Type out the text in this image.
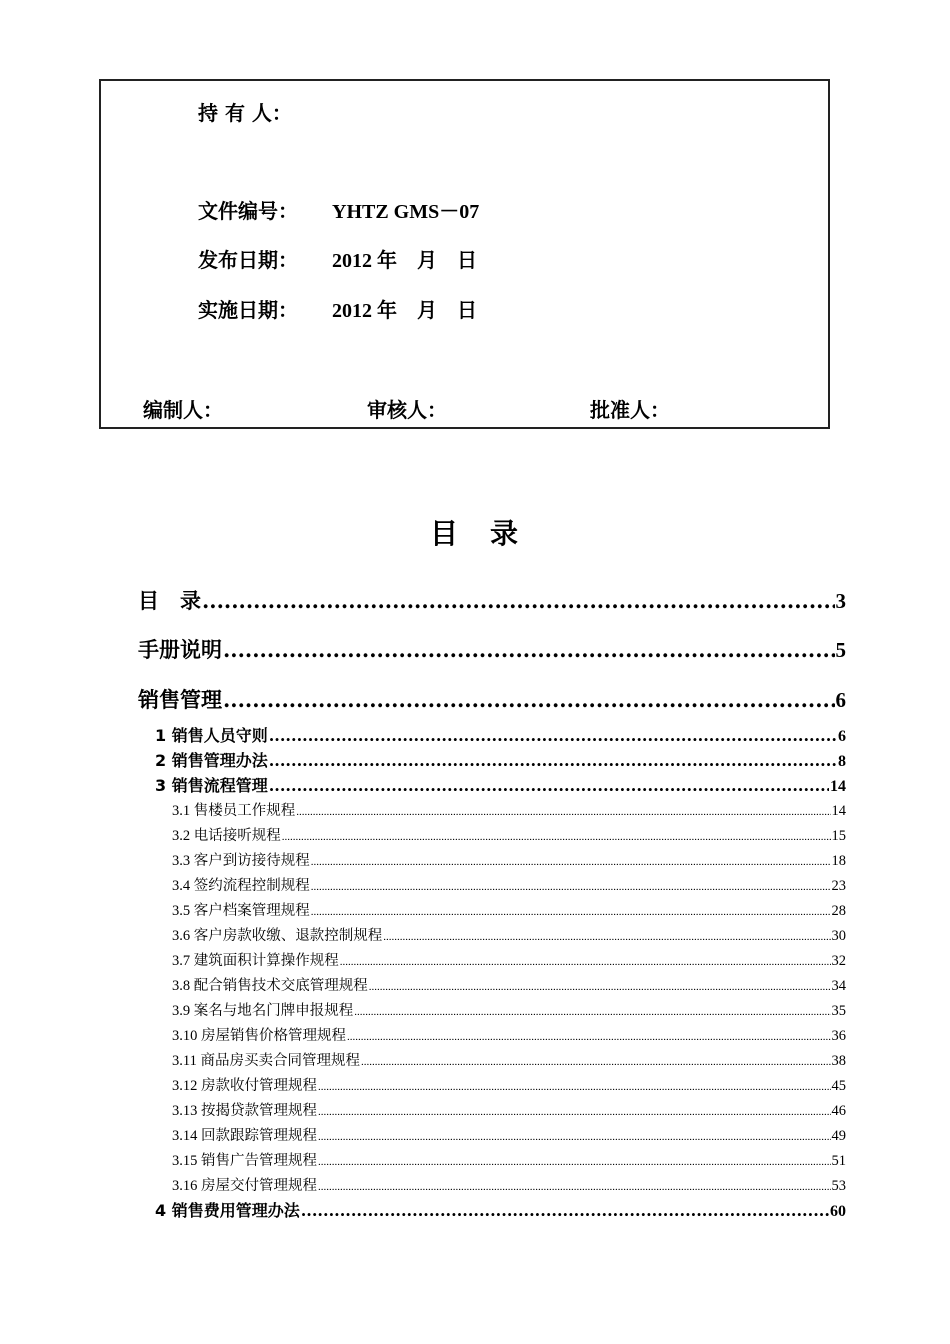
持 有 人：
文件编号： YHTZ GMS－07
发布日期： 2012 年　月　日
实施日期： 2012 年　月　日
编制人：	审核人：	批准人：
目　录
目　录 .....	3
手册说明 .....	5
销售管理 .....	6
1 销售人员守则 .....	6
2 销售管理办法 .....	8
3 销售流程管理 .....	14
3.1 售楼员工作规程 .....	14
3.2 电话接听规程 .....	15
3.3 客户到访接待规程 .....	18
3.4 签约流程控制规程 .....	23
3.5 客户档案管理规程 .....	28
3.6 客户房款收缴、退款控制规程 .....	30
3.7 建筑面积计算操作规程 .....	32
3.8 配合销售技术交底管理规程 .....	34
3.9 案名与地名门牌申报规程 .....	35
3.10 房屋销售价格管理规程 .....	36
3.11 商品房买卖合同管理规程 .....	38
3.12 房款收付管理规程 .....	45
3.13 按揭贷款管理规程 .....	46
3.14 回款跟踪管理规程 .....	49
3.15 销售广告管理规程 .....	51
3.16 房屋交付管理规程 .....	53
4 销售费用管理办法 .....	60
